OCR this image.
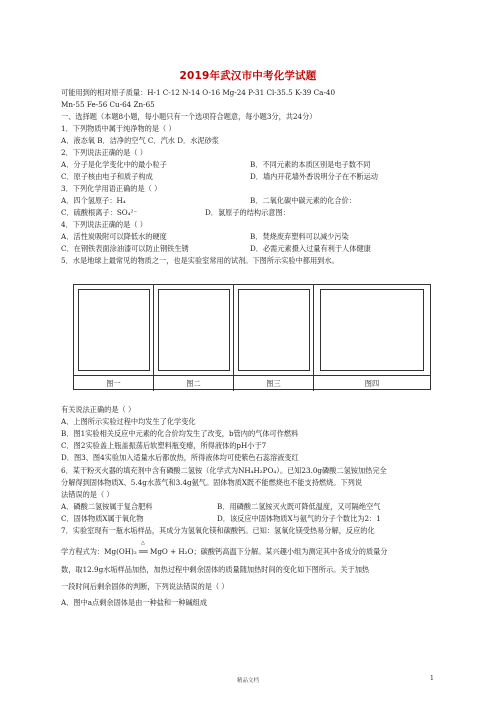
2019年武汉市中考化学试题
可能用到的相对原子质量：H-1 C-12 N-14 O-16 Mg-24 P-31 Cl-35.5 K-39 Ca-40
Mn-55 Fe-56 Cu-64 Zn-65
一、选择题（本题8小题，每小题只有一个选项符合题意，每小题3分，共24分）
1．下列物质中属于纯净物的是（ ）
A．液态氧 B．洁净的空气 C．汽水 D．水泥砂浆
2．下列说法正确的是（ ）
A．分子是化学变化中的最小粒子	B．不同元素的本质区别是电子数不同
C．原子核由电子和质子构成	D．墙内开花墙外香说明分子在不断运动
3．下列化学用语正确的是（ ）
A．四个氢原子：H₄	B．二氧化碳中碳元素的化合价：
C．硫酸根离子：SO₄²⁻	D．氯原子的结构示意图：
4．下列说法正确的是（ ）
A．活性炭吸附可以降低水的硬度	B．焚烧废弃塑料可以减少污染
C．在钢铁表面涂油漆可以防止钢铁生锈	D．必需元素摄入过量有利于人体健康
5．水是地球上最常见的物质之一，也是实验室常用的试剂。下图所示实验中都用到水。
图一	图二	图三	图四
有关说法正确的是（ ）
A．上图所示实验过程中均发生了化学变化
B．图1实验相关反应中元素的化合价均发生了改变，b管内的气体可作燃料
C．图2实验盖上瓶盖振荡后软塑料瓶变瘪，所得液体的pH小于7
D．图3、图4实验加入适量水后都放热，所得液体均可使紫色石蕊溶液变红
6．某干粉灭火器的填充剂中含有磷酸二氢铵（化学式为NH₄H₂PO₄）。已知23.0g磷酸二氢铵加热完全
分解得到固体物质X、5.4g水蒸气和3.4g氨气。固体物质X既不能燃烧也不能支持燃烧。下列说
法错误的是（ ）
A．磷酸二氢铵属于复合肥料	B．用磷酸二氢铵灭火既可降低温度，又可隔绝空气
C．固体物质X属于氧化物	D．该反应中固体物质X与氨气的分子个数比为2：1
7．实验室现有一瓶水垢样品，其成分为氢氧化镁和碳酸钙。已知：氢氧化镁受热易分解，反应的化
△
学方程式为：Mg(OH)₂ ══ MgO + H₂O；碳酸钙高温下分解。某兴趣小组为测定其中各成分的质量分
数，取12.9g水垢样品加热，加热过程中剩余固体的质量随加热时间的变化如下图所示。关于加热
一段时间后剩余固体的判断，下列说法错误的是（ ）
A．图中a点剩余固体是由一种盐和一种碱组成
精品文档	1
